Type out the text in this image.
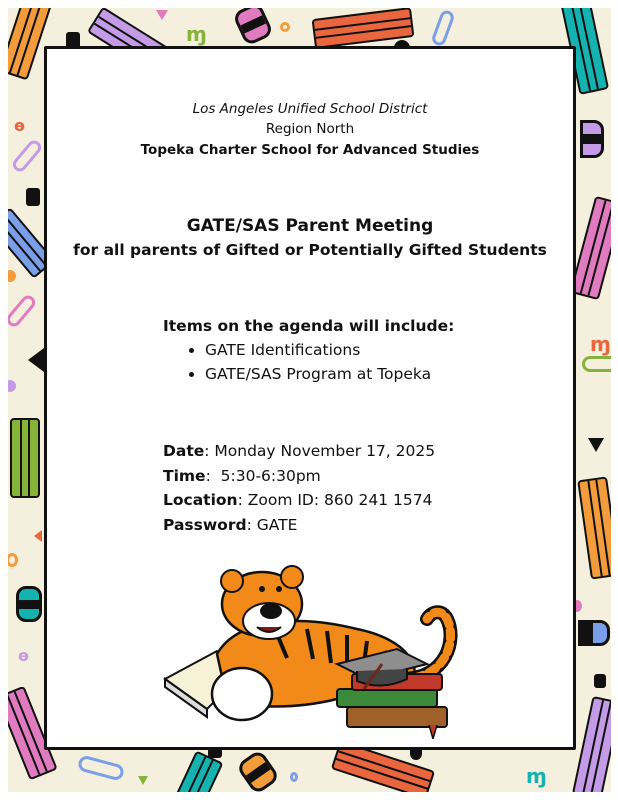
ɱ
ɵ
ɵ
ɱ
ɱ
Los Angeles Unified School District
Region North
Topeka Charter School for Advanced Studies
GATE/SAS Parent Meeting
for all parents of Gifted or Potentially Gifted Students
Items on the agenda will include:
• GATE Identifications
• GATE/SAS Program at Topeka
Date: Monday November 17, 2025
Time:  5:30-6:30pm
Location: Zoom ID: 860 241 1574
Password: GATE
